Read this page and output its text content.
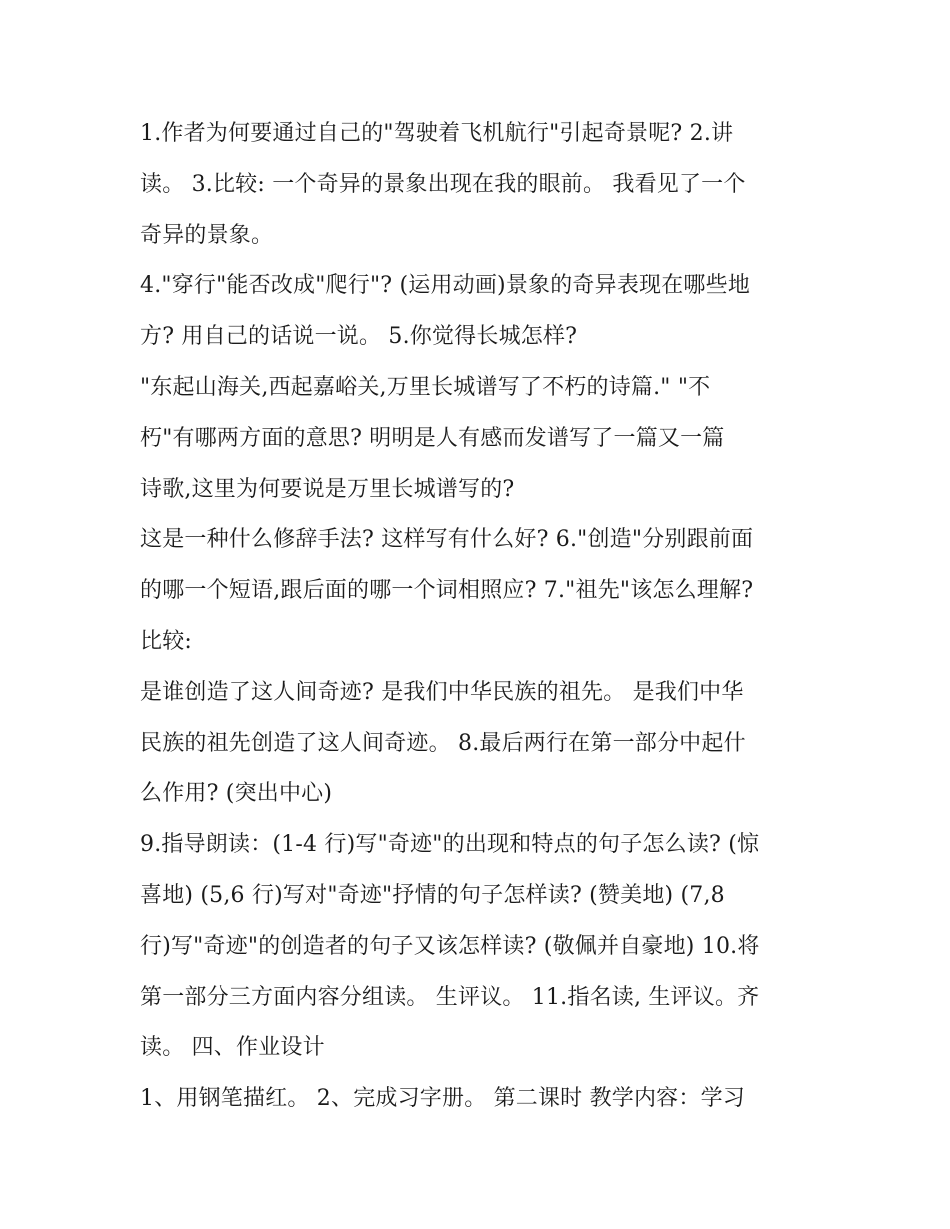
1.作者为何要通过自己的"驾驶着飞机航行"引起奇景呢? 2.讲
读。 3.比较: 一个奇异的景象出现在我的眼前。 我看见了一个
奇异的景象。
4."穿行"能否改成"爬行"? (运用动画)景象的奇异表现在哪些地
方? 用自己的话说一说。 5.你觉得长城怎样?
"东起山海关,西起嘉峪关,万里长城谱写了不朽的诗篇." "不
朽"有哪两方面的意思? 明明是人有感而发谱写了一篇又一篇
诗歌,这里为何要说是万里长城谱写的?
这是一种什么修辞手法? 这样写有什么好? 6."创造"分别跟前面
的哪一个短语,跟后面的哪一个词相照应? 7."祖先"该怎么理解?
比较:
是谁创造了这人间奇迹? 是我们中华民族的祖先。 是我们中华
民族的祖先创造了这人间奇迹。 8.最后两行在第一部分中起什
么作用? (突出中心)
9.指导朗读：(1-4 行)写"奇迹"的出现和特点的句子怎么读? (惊
喜地) (5,6 行)写对"奇迹"抒情的句子怎样读? (赞美地) (7,8
行)写"奇迹"的创造者的句子又该怎样读? (敬佩并自豪地) 10.将
第一部分三方面内容分组读。 生评议。 11.指名读, 生评议。齐
读。 四、作业设计
1、用钢笔描红。 2、完成习字册。 第二课时 教学内容：学习
